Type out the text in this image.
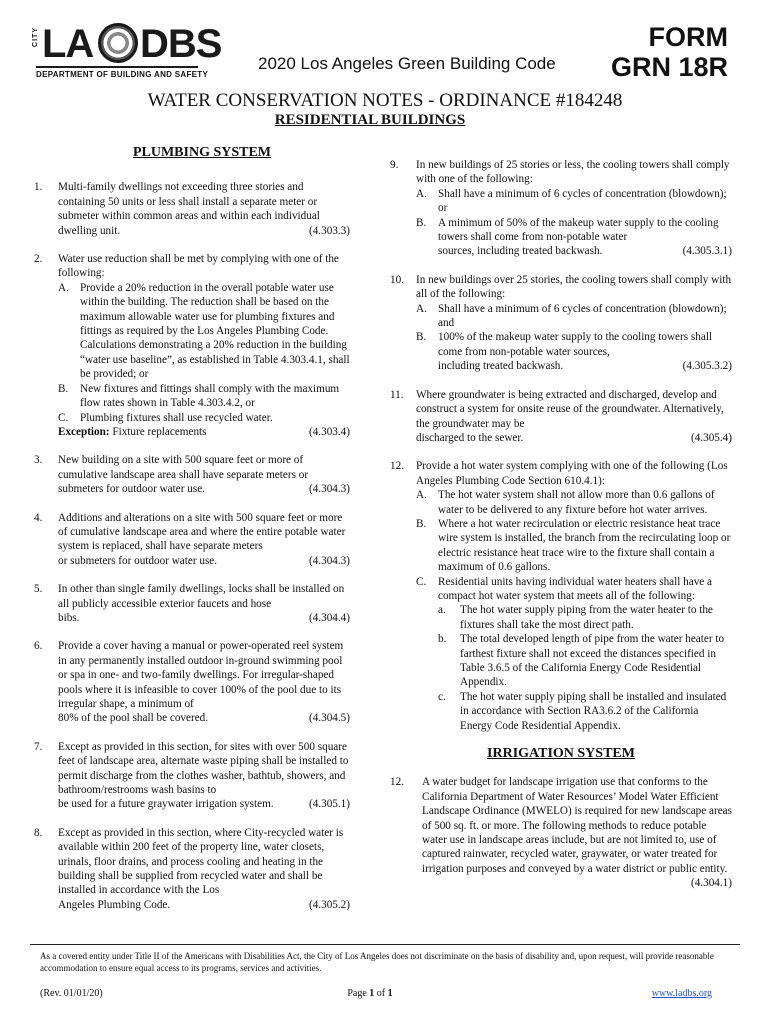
CITY LA DBS
DEPARTMENT OF BUILDING AND SAFETY
2020 Los Angeles Green Building Code
FORM
GRN 18R
WATER CONSERVATION NOTES - ORDINANCE #184248
RESIDENTIAL BUILDINGS
PLUMBING SYSTEM
1. Multi-family dwellings not exceeding three stories and containing 50 units or less shall install a separate meter or submeter within common areas and within each individual
dwelling unit.	(4.303.3)
2. Water use reduction shall be met by complying with one of the following:
A. Provide a 20% reduction in the overall potable water use within the building. The reduction shall be based on the maximum allowable water use for plumbing fixtures and fittings as required by the Los Angeles Plumbing Code. Calculations demonstrating a 20% reduction in the building “water use baseline”, as established in Table 4.303.4.1, shall be provided; or
B. New fixtures and fittings shall comply with the maximum flow rates shown in Table 4.303.4.2, or
C. Plumbing fixtures shall use recycled water.
Exception: Fixture replacements	(4.303.4)
3. New building on a site with 500 square feet or more of cumulative landscape area shall have separate meters or
submeters for outdoor water use.	(4.304.3)
4. Additions and alterations on a site with 500 square feet or more of cumulative landscape area and where the entire potable water system is replaced, shall have separate meters
or submeters for outdoor water use.	(4.304.3)
5. In other than single family dwellings, locks shall be installed on all publicly accessible exterior faucets and hose
bibs.	(4.304.4)
6. Provide a cover having a manual or power-operated reel system in any permanently installed outdoor in-ground swimming pool or spa in one- and two-family dwellings. For irregular-shaped pools where it is infeasible to cover 100% of the pool due to its irregular shape, a minimum of
80% of the pool shall be covered.	(4.304.5)
7. Except as provided in this section, for sites with over 500 square feet of landscape area, alternate waste piping shall be installed to permit discharge from the clothes washer, bathtub, showers, and bathroom/restrooms wash basins to
be used for a future graywater irrigation system.	(4.305.1)
8. Except as provided in this section, where City-recycled water is available within 200 feet of the property line, water closets, urinals, floor drains, and process cooling and heating in the building shall be supplied from recycled water and shall be installed in accordance with the Los
Angeles Plumbing Code.	(4.305.2)
9. In new buildings of 25 stories or less, the cooling towers shall comply with one of the following:
A. Shall have a minimum of 6 cycles of concentration (blowdown); or
B. A minimum of 50% of the makeup water supply to the cooling towers shall come from non-potable water
sources, including treated backwash.	(4.305.3.1)
10. In new buildings over 25 stories, the cooling towers shall comply with all of the following:
A. Shall have a minimum of 6 cycles of concentration (blowdown); and
B. 100% of the makeup water supply to the cooling towers shall come from non-potable water sources,
including treated backwash.	(4.305.3.2)
11. Where groundwater is being extracted and discharged, develop and construct a system for onsite reuse of the groundwater. Alternatively, the groundwater may be
discharged to the sewer.	(4.305.4)
12. Provide a hot water system complying with one of the following (Los Angeles Plumbing Code Section 610.4.1):
A. The hot water system shall not allow more than 0.6 gallons of water to be delivered to any fixture before hot water arrives.
B. Where a hot water recirculation or electric resistance heat trace wire system is installed, the branch from the recirculating loop or electric resistance heat trace wire to the fixture shall contain a maximum of 0.6 gallons.
C. Residential units having individual water heaters shall have a compact hot water system that meets all of the following:
a. The hot water supply piping from the water heater to the fixtures shall take the most direct path.
b. The total developed length of pipe from the water heater to farthest fixture shall not exceed the distances specified in Table 3.6.5 of the California Energy Code Residential Appendix.
c. The hot water supply piping shall be installed and insulated in accordance with Section RA3.6.2 of the California Energy Code Residential Appendix.
IRRIGATION SYSTEM
12. A water budget for landscape irrigation use that conforms to the California Department of Water Resources’ Model Water Efficient Landscape Ordinance (MWELO) is required for new landscape areas of 500 sq. ft. or more. The following methods to reduce potable water use in landscape areas include, but are not limited to, use of captured rainwater, recycled water, graywater, or water treated for irrigation purposes and conveyed by a water district or public entity.
(4.304.1)
As a covered entity under Title II of the Americans with Disabilities Act, the City of Los Angeles does not discriminate on the basis of disability and, upon request, will provide reasonable accommodation to ensure equal access to its programs, services and activities.
(Rev. 01/01/20)	Page 1 of 1	www.ladbs.org
